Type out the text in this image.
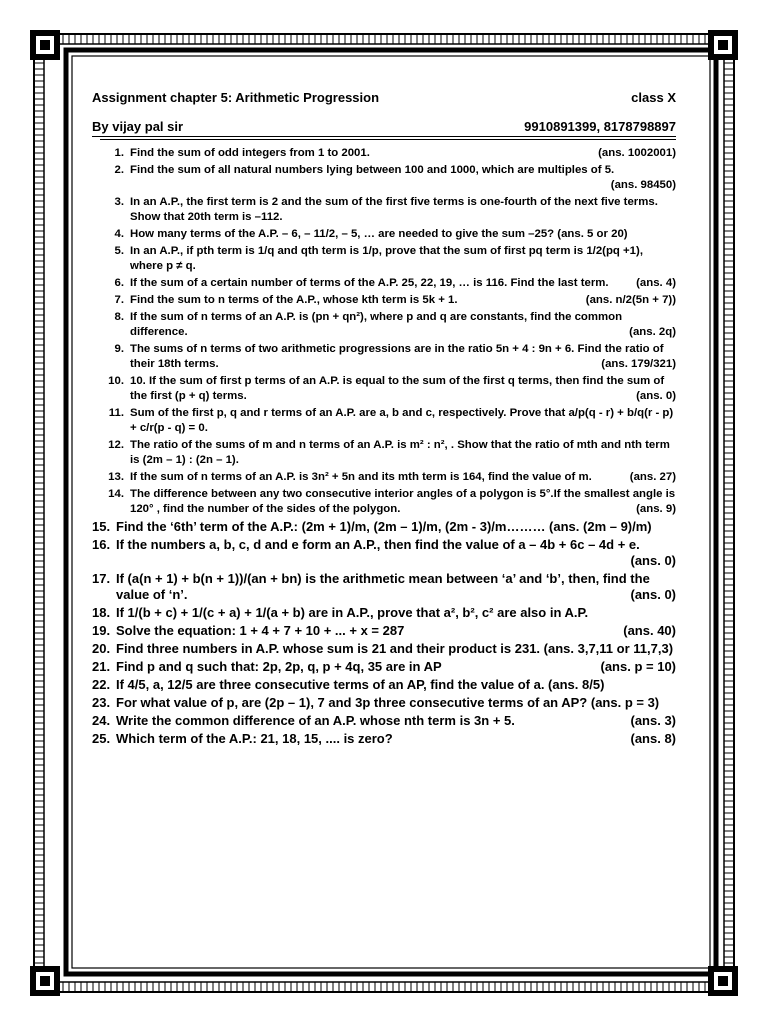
Assignment chapter 5: Arithmetic Progression	class X
By vijay pal sir	9910891399, 8178798897
1. Find the sum of odd integers from 1 to 2001.	(ans. 1002001)
2. Find the sum of all natural numbers lying between 100 and 1000, which are multiples of 5.
(ans. 98450)
3. In an A.P., the first term is 2 and the sum of the first five terms is one-fourth of the next five terms. Show that 20th term is –112.
4. How many terms of the A.P. – 6, – 11/2, – 5, … are needed to give the sum –25? (ans. 5 or 20)
5. In an A.P., if pth term is 1/q and qth term is 1/p, prove that the sum of first pq term is 1/2(pq +1), where p ≠ q.
6. If the sum of a certain number of terms of the A.P. 25, 22, 19, … is 116. Find the last term. (ans. 4)
7. Find the sum to n terms of the A.P., whose kth term is 5k + 1.	(ans. n/2(5n + 7))
8. If the sum of n terms of an A.P. is (pn + qn²), where p and q are constants, find the common difference.	(ans. 2q)
9. The sums of n terms of two arithmetic progressions are in the ratio 5n + 4 : 9n + 6. Find the ratio of their 18th terms.	(ans. 179/321)
10. 10. If the sum of first p terms of an A.P. is equal to the sum of the first q terms, then find the sum of the first (p + q) terms.	(ans. 0)
11. Sum of the first p, q and r terms of an A.P. are a, b and c, respectively. Prove that a/p(q - r) + b/q(r - p) + c/r(p - q) = 0.
12. The ratio of the sums of m and n terms of an A.P. is m² : n², . Show that the ratio of mth and nth term is (2m – 1) : (2n – 1).
13. If the sum of n terms of an A.P. is 3n² + 5n and its mth term is 164, find the value of m.	(ans. 27)
14. The difference between any two consecutive interior angles of a polygon is 5°.If the smallest angle is 120° , find the number of the sides of the polygon.	(ans. 9)
15. Find the ‘6th’ term of the A.P.: (2m + 1)/m, (2m – 1)/m, (2m - 3)/m……… (ans. (2m – 9)/m)
16. If the numbers a, b, c, d and e form an A.P., then find the value of a – 4b + 6c – 4d + e.
(ans. 0)
17. If (a(n + 1) + b(n + 1))/(an + bn) is the arithmetic mean between ‘a’ and ‘b’, then, find the value of ‘n’.	(ans. 0)
18. If 1/(b + c) + 1/(c + a) + 1/(a + b) are in A.P., prove that a², b², c² are also in A.P.
19. Solve the equation: 1 + 4 + 7 + 10 + ... + x = 287	(ans. 40)
20. Find three numbers in A.P. whose sum is 21 and their product is 231. (ans. 3,7,11 or 11,7,3)
21. Find p and q such that: 2p, 2p, q, p + 4q, 35 are in AP	(ans. p = 10)
22. If 4/5, a, 12/5 are three consecutive terms of an AP, find the value of a. (ans. 8/5)
23. For what value of p, are (2p – 1), 7 and 3p three consecutive terms of an AP? (ans. p = 3)
24. Write the common difference of an A.P. whose nth term is 3n + 5.	(ans. 3)
25. Which term of the A.P.: 21, 18, 15, .... is zero?	(ans. 8)
